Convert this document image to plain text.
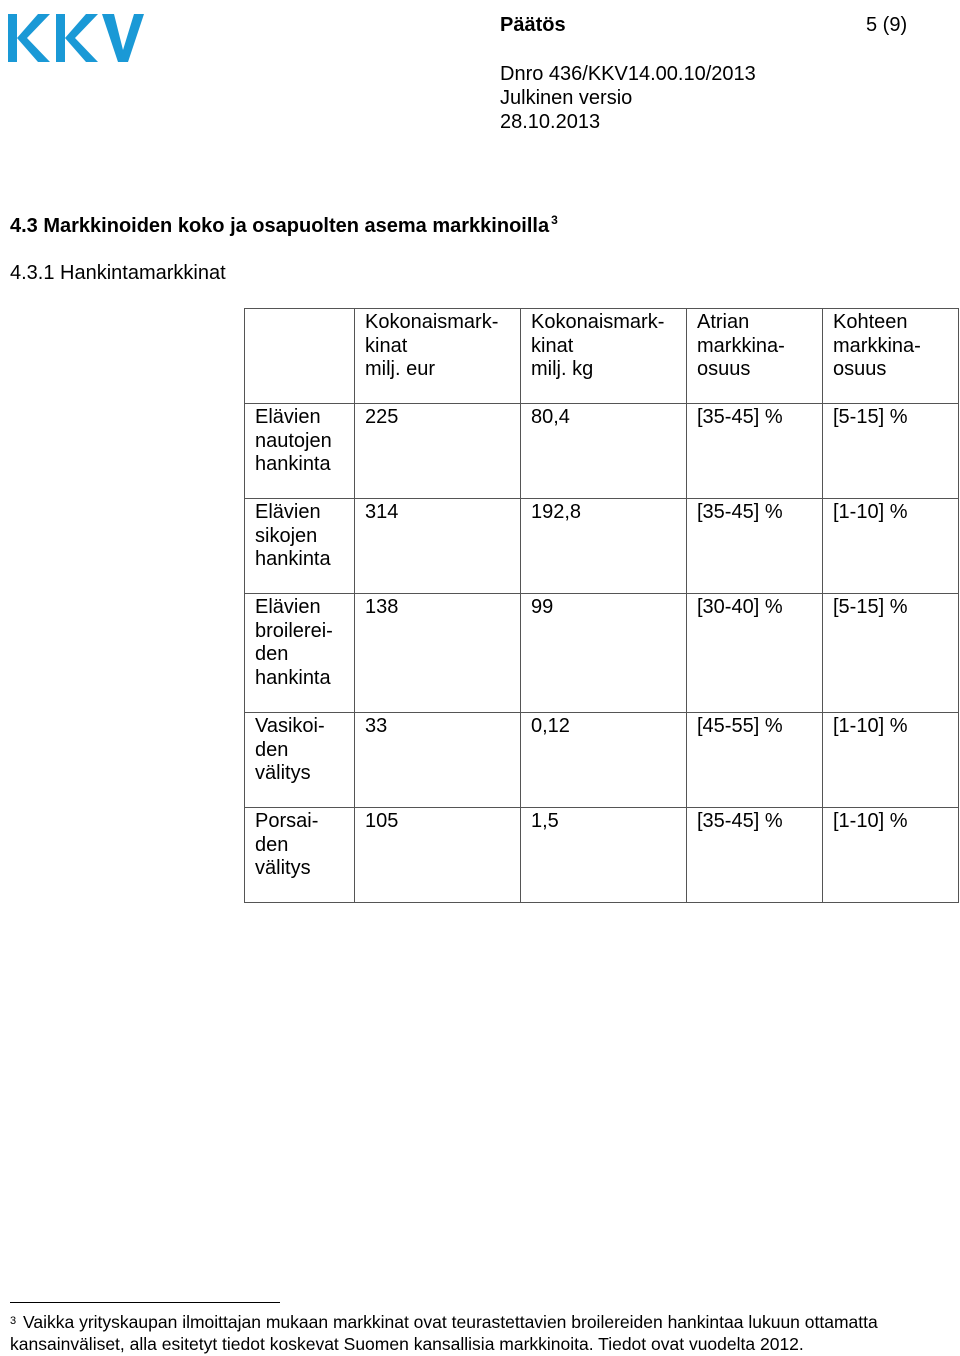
Päätös	5 (9)
Dnro 436/KKV14.00.10/2013
Julkinen versio
28.10.2013
4.3 Markkinoiden koko ja osapuolten asema markkinoilla $^3$
4.3.1 Hankintamarkkinat
	Kokonaismark-
kinat
milj. eur	Kokonaismark-
kinat
milj. kg	Atrian
markkina-
osuus	Kohteen
markkina-
osuus
Elävien
nautojen
hankinta	225	80,4	[35-45] %	[5-15] %
Elävien
sikojen
hankinta	314	192,8	[35-45] %	[1-10] %
Elävien
broilerei-
den
hankinta	138	99	[30-40] %	[5-15] %
Vasikoi-
den
välitys	33	0,12	[45-55] %	[1-10] %
Porsai-
den
välitys	105	1,5	[35-45] %	[1-10] %
$^3$ Vaikka yrityskaupan ilmoittajan mukaan markkinat ovat teurastettavien broilereiden hankintaa lukuun ottamatta kansainväliset, alla esitetyt tiedot koskevat Suomen kansallisia markkinoita. Tiedot ovat vuodelta 2012.
